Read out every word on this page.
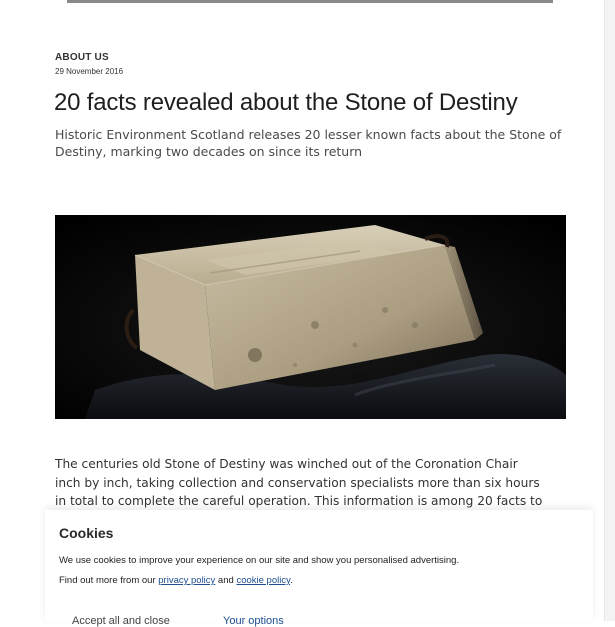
ABOUT US
29 November 2016
20 facts revealed about the Stone of Destiny

Historic Environment Scotland releases 20 lesser known facts about the Stone of Destiny, marking two decades on since its return

The centuries old Stone of Destiny was winched out of the Coronation Chair
inch by inch, taking collection and conservation specialists more than six hours
in total to complete the careful operation. This information is among 20 facts to

Cookies
We use cookies to improve your experience on our site and show you personalised advertising.
Find out more from our privacy policy and cookie policy.
Accept all and close	Your options
